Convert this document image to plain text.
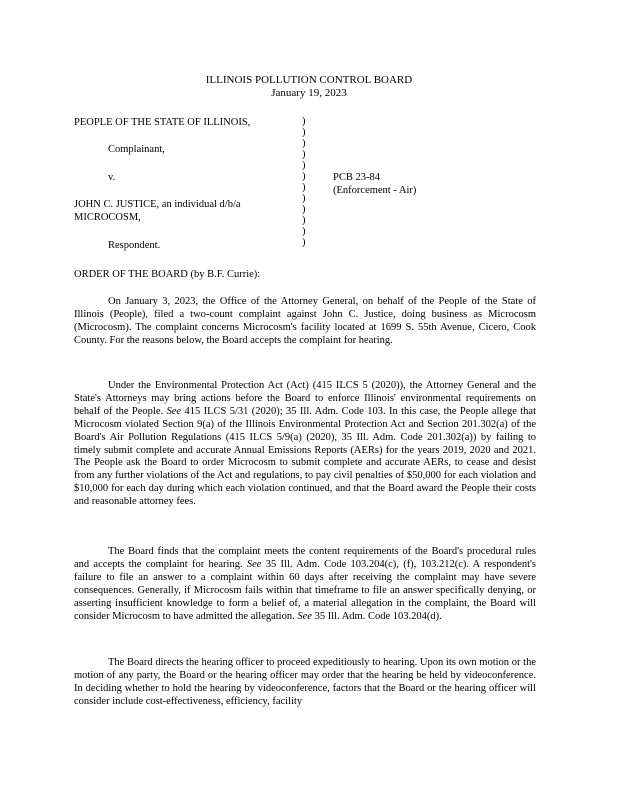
ILLINOIS POLLUTION CONTROL BOARD
January 19, 2023
PEOPLE OF THE STATE OF ILLINOIS,
Complainant,
v.
JOHN C. JUSTICE, an individual d/b/a
MICROCOSM,
Respondent.
PCB 23-84
(Enforcement - Air)
)
)
)
)
)
)
)
)
)
)
)
)
ORDER OF THE BOARD (by B.F. Currie):
On January 3, 2023, the Office of the Attorney General, on behalf of the People of the State of Illinois (People), filed a two-count complaint against John C. Justice, doing business as Microcosm (Microcosm). The complaint concerns Microcosm's facility located at 1699 S. 55th Avenue, Cicero, Cook County. For the reasons below, the Board accepts the complaint for hearing.
Under the Environmental Protection Act (Act) (415 ILCS 5 (2020)), the Attorney General and the State's Attorneys may bring actions before the Board to enforce Illinois' environmental requirements on behalf of the People. See 415 ILCS 5/31 (2020); 35 Ill. Adm. Code 103. In this case, the People allege that Microcosm violated Section 9(a) of the Illinois Environmental Protection Act and Section 201.302(a) of the Board's Air Pollution Regulations (415 ILCS 5/9(a) (2020), 35 Ill. Adm. Code 201.302(a)) by failing to timely submit complete and accurate Annual Emissions Reports (AERs) for the years 2019, 2020 and 2021. The People ask the Board to order Microcosm to submit complete and accurate AERs, to cease and desist from any further violations of the Act and regulations, to pay civil penalties of $50,000 for each violation and $10,000 for each day during which each violation continued, and that the Board award the People their costs and reasonable attorney fees.
The Board finds that the complaint meets the content requirements of the Board's procedural rules and accepts the complaint for hearing. See 35 Ill. Adm. Code 103.204(c), (f), 103.212(c). A respondent's failure to file an answer to a complaint within 60 days after receiving the complaint may have severe consequences. Generally, if Microcosm fails within that timeframe to file an answer specifically denying, or asserting insufficient knowledge to form a belief of, a material allegation in the complaint, the Board will consider Microcosm to have admitted the allegation. See 35 Ill. Adm. Code 103.204(d).
The Board directs the hearing officer to proceed expeditiously to hearing. Upon its own motion or the motion of any party, the Board or the hearing officer may order that the hearing be held by videoconference. In deciding whether to hold the hearing by videoconference, factors that the Board or the hearing officer will consider include cost-effectiveness, efficiency, facility
